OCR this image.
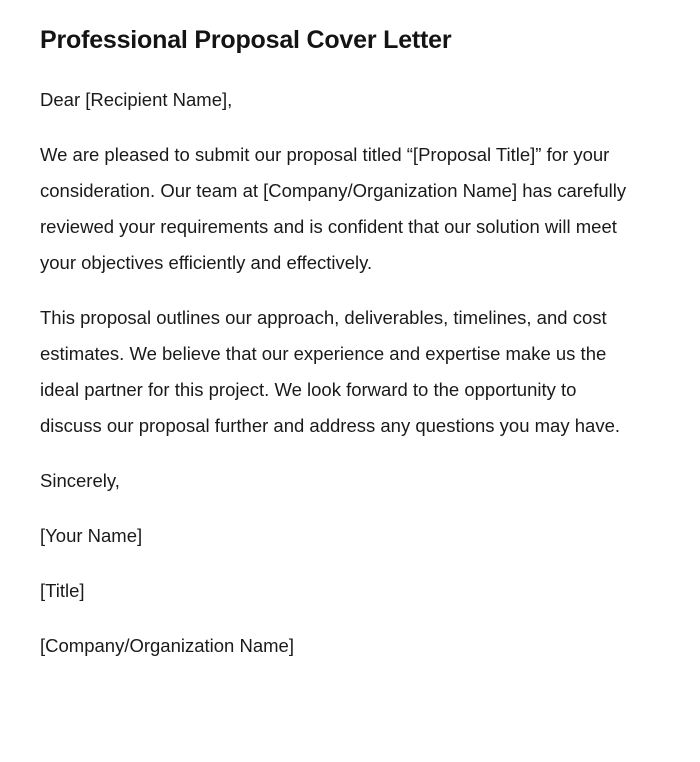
Professional Proposal Cover Letter

Dear [Recipient Name],

We are pleased to submit our proposal titled “[Proposal Title]” for your consideration. Our team at [Company/Organization Name] has carefully reviewed your requirements and is confident that our solution will meet your objectives efficiently and effectively.

This proposal outlines our approach, deliverables, timelines, and cost estimates. We believe that our experience and expertise make us the ideal partner for this project. We look forward to the opportunity to discuss our proposal further and address any questions you may have.

Sincerely,

[Your Name]

[Title]

[Company/Organization Name]
